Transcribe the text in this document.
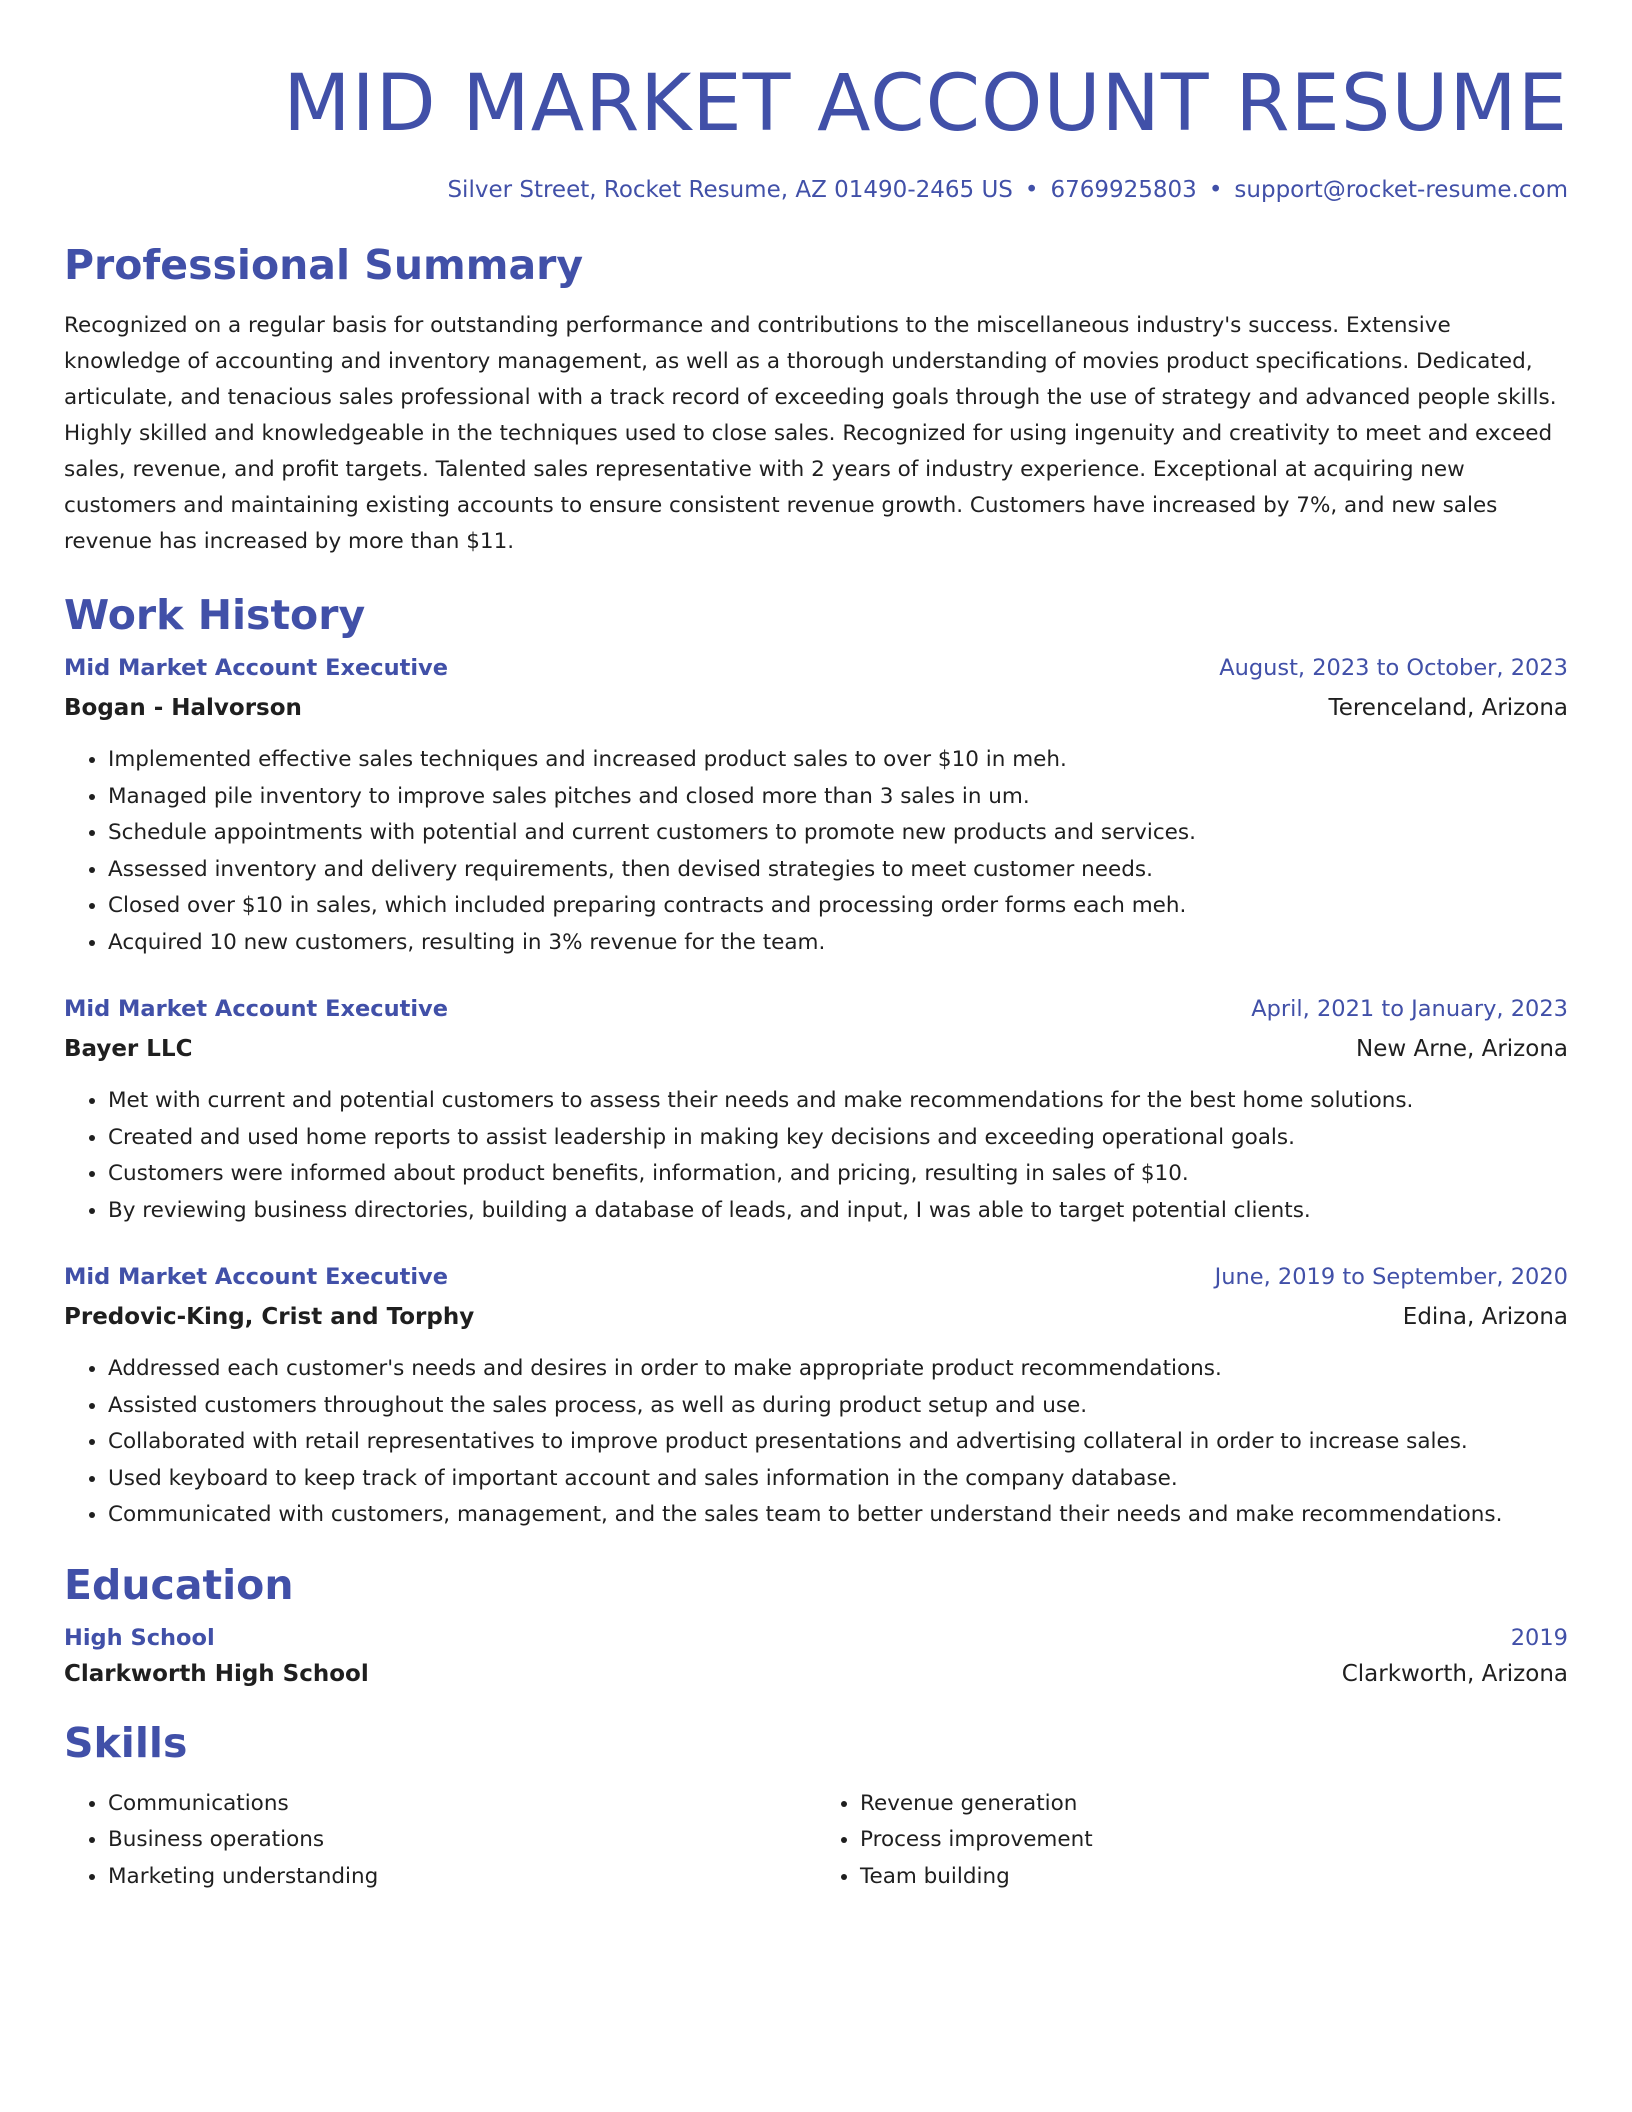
MID MARKET ACCOUNT RESUME
Silver Street, Rocket Resume, AZ 01490-2465 US • 6769925803 • support@rocket-resume.com
Professional Summary

Recognized on a regular basis for outstanding performance and contributions to the miscellaneous industry's success. Extensive knowledge of accounting and inventory management, as well as a thorough understanding of movies product specifications. Dedicated, articulate, and tenacious sales professional with a track record of exceeding goals through the use of strategy and advanced people skills. Highly skilled and knowledgeable in the techniques used to close sales. Recognized for using ingenuity and creativity to meet and exceed sales, revenue, and profit targets. Talented sales representative with 2 years of industry experience. Exceptional at acquiring new customers and maintaining existing accounts to ensure consistent revenue growth. Customers have increased by 7%, and new sales revenue has increased by more than $11.

Work History
Mid Market Account Executive	August, 2023 to October, 2023
Bogan - Halvorson	Terenceland, Arizona
• Implemented effective sales techniques and increased product sales to over $10 in meh.
• Managed pile inventory to improve sales pitches and closed more than 3 sales in um.
• Schedule appointments with potential and current customers to promote new products and services.
• Assessed inventory and delivery requirements, then devised strategies to meet customer needs.
• Closed over $10 in sales, which included preparing contracts and processing order forms each meh.
• Acquired 10 new customers, resulting in 3% revenue for the team.
Mid Market Account Executive	April, 2021 to January, 2023
Bayer LLC	New Arne, Arizona
• Met with current and potential customers to assess their needs and make recommendations for the best home solutions.
• Created and used home reports to assist leadership in making key decisions and exceeding operational goals.
• Customers were informed about product benefits, information, and pricing, resulting in sales of $10.
• By reviewing business directories, building a database of leads, and input, I was able to target potential clients.
Mid Market Account Executive	June, 2019 to September, 2020
Predovic-King, Crist and Torphy	Edina, Arizona
• Addressed each customer's needs and desires in order to make appropriate product recommendations.
• Assisted customers throughout the sales process, as well as during product setup and use.
• Collaborated with retail representatives to improve product presentations and advertising collateral in order to increase sales.
• Used keyboard to keep track of important account and sales information in the company database.
• Communicated with customers, management, and the sales team to better understand their needs and make recommendations.
Education
High School	2019
Clarkworth High School	Clarkworth, Arizona
Skills
• Communications
• Business operations
• Marketing understanding
• Revenue generation
• Process improvement
• Team building
